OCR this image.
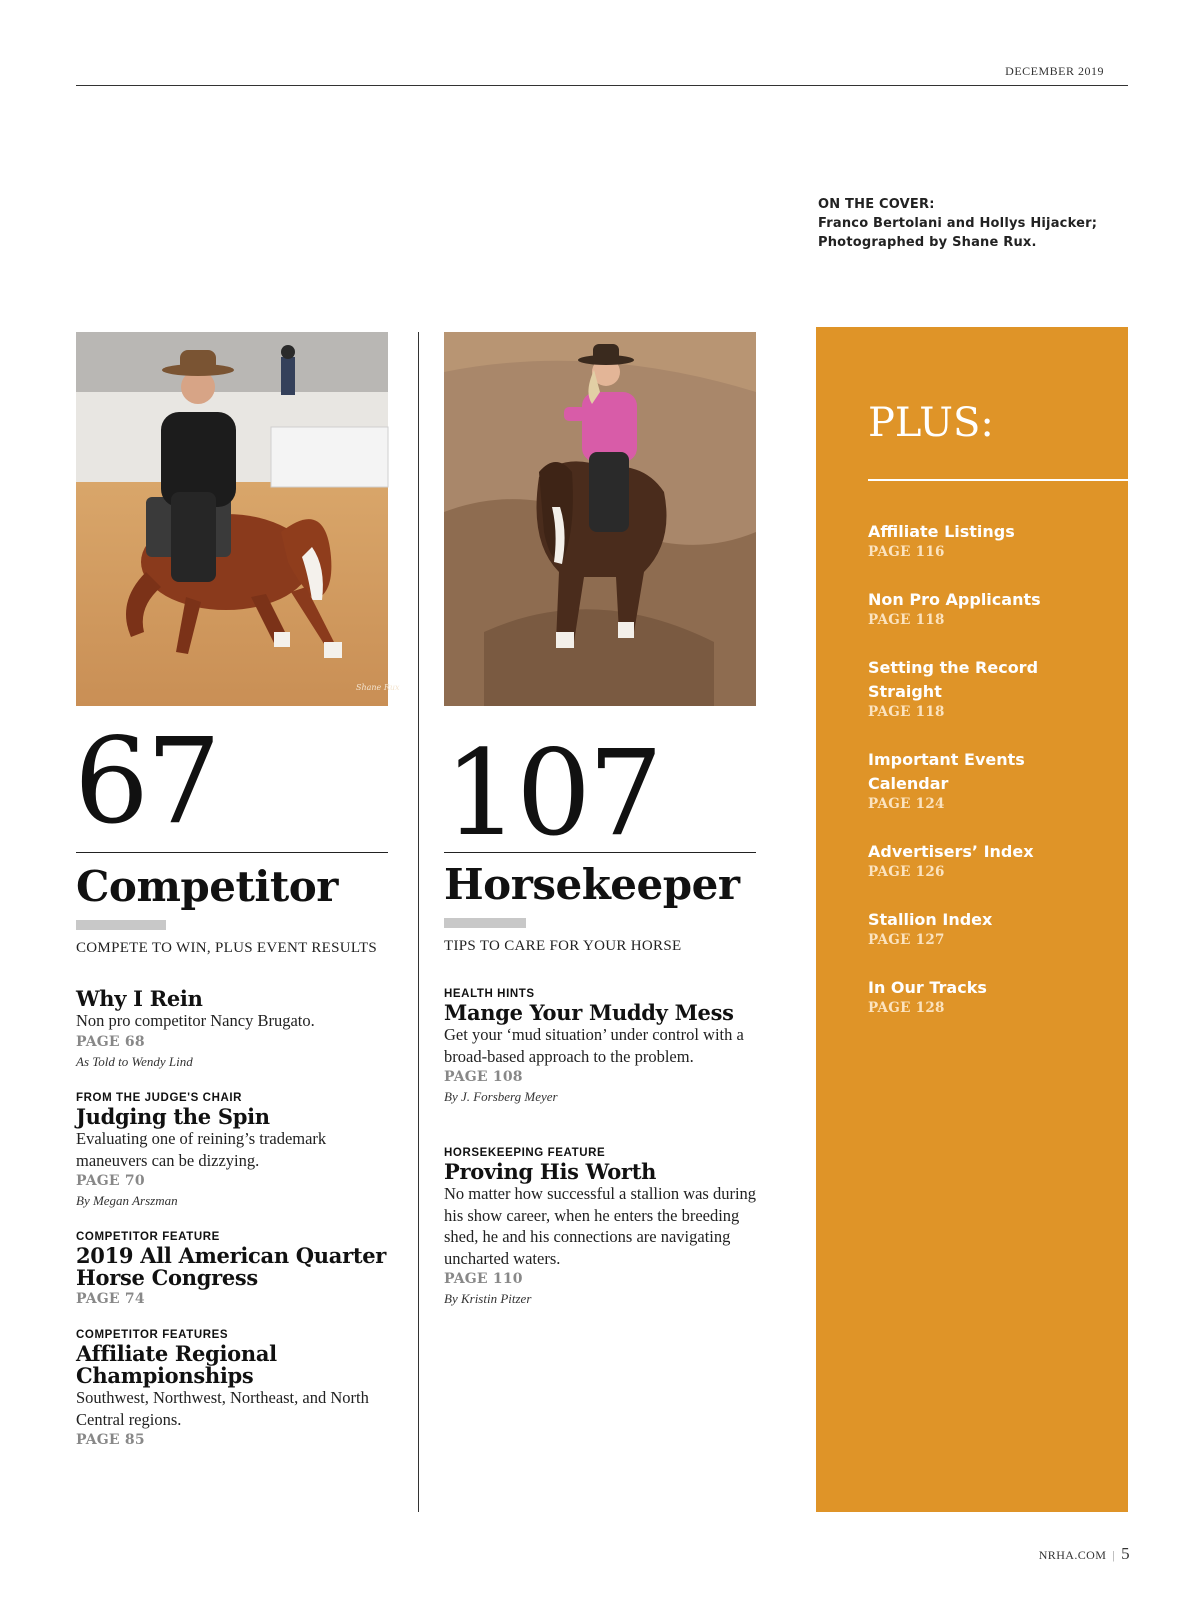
DECEMBER 2019
ON THE COVER:
Franco Bertolani and Hollys Hijacker;
Photographed by Shane Rux.
Shane Rux
67
Competitor
COMPETE TO WIN, PLUS EVENT RESULTS
Why I Rein
Non pro competitor Nancy Brugato.
PAGE 68
As Told to Wendy Lind
FROM THE JUDGE'S CHAIR
Judging the Spin
Evaluating one of reining’s trademark maneuvers can be dizzying.
PAGE 70
By Megan Arszman
COMPETITOR FEATURE
2019 All American Quarter Horse Congress
PAGE 74
COMPETITOR FEATURES
Affiliate Regional Championships
Southwest, Northwest, Northeast, and North Central regions.
PAGE 85
107
Horsekeeper
TIPS TO CARE FOR YOUR HORSE
HEALTH HINTS
Mange Your Muddy Mess
Get your ‘mud situation’ under control with a broad-based approach to the problem.
PAGE 108
By J. Forsberg Meyer
HORSEKEEPING FEATURE
Proving His Worth
No matter how successful a stallion was during his show career, when he enters the breeding shed, he and his connections are navigating uncharted waters.
PAGE 110
By Kristin Pitzer
PLUS:
Affiliate Listings
PAGE 116
Non Pro Applicants
PAGE 118
Setting the Record Straight
PAGE 118
Important Events Calendar
PAGE 124
Advertisers’ Index
PAGE 126
Stallion Index
PAGE 127
In Our Tracks
PAGE 128
NRHA.COM | 5
